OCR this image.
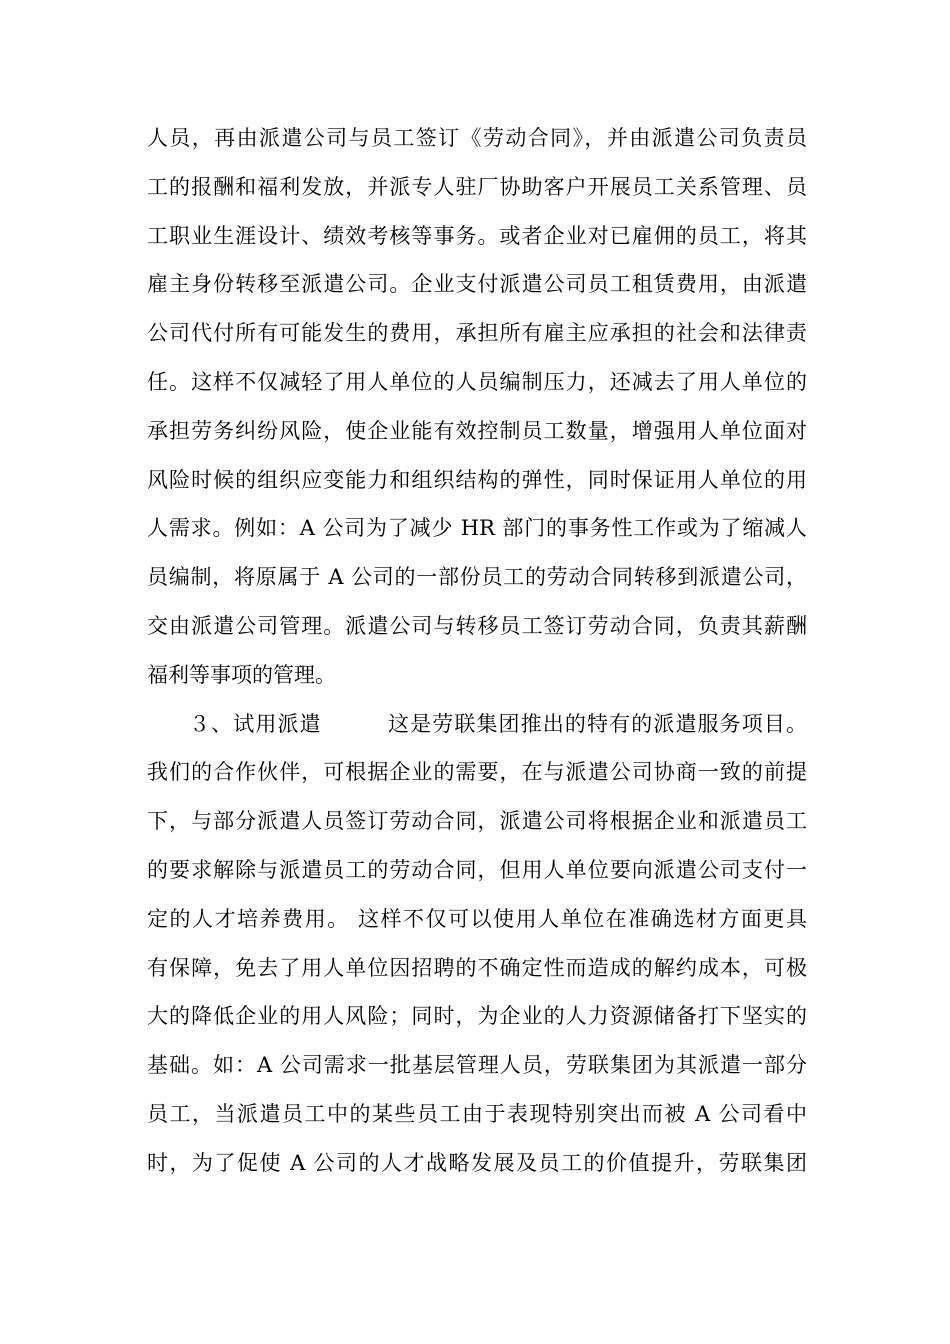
人员，再由派遣公司与员工签订《劳动合同》，并由派遣公司负责员
工的报酬和福利发放，并派专人驻厂协助客户开展员工关系管理、员
工职业生涯设计、绩效考核等事务。或者企业对已雇佣的员工，将其
雇主身份转移至派遣公司。企业支付派遣公司员工租赁费用，由派遣
公司代付所有可能发生的费用，承担所有雇主应承担的社会和法律责
任。这样不仅减轻了用人单位的人员编制压力，还减去了用人单位的
承担劳务纠纷风险，使企业能有效控制员工数量，增强用人单位面对
风险时候的组织应变能力和组织结构的弹性，同时保证用人单位的用
人需求。例如：A 公司为了减少 HR 部门的事务性工作或为了缩减人
员编制，将原属于 A 公司的一部份员工的劳动合同转移到派遣公司，
交由派遣公司管理。派遣公司与转移员工签订劳动合同，负责其薪酬
福利等事项的管理。
３、试用派遣　　　这是劳联集团推出的特有的派遣服务项目。
我们的合作伙伴，可根据企业的需要，在与派遣公司协商一致的前提
下，与部分派遣人员签订劳动合同，派遣公司将根据企业和派遣员工
的要求解除与派遣员工的劳动合同，但用人单位要向派遣公司支付一
定的人才培养费用。 这样不仅可以使用人单位在准确选材方面更具
有保障，免去了用人单位因招聘的不确定性而造成的解约成本，可极
大的降低企业的用人风险；同时，为企业的人力资源储备打下坚实的
基础。如：A 公司需求一批基层管理人员，劳联集团为其派遣一部分
员工，当派遣员工中的某些员工由于表现特别突出而被 A 公司看中
时，为了促使 A 公司的人才战略发展及员工的价值提升，劳联集团
